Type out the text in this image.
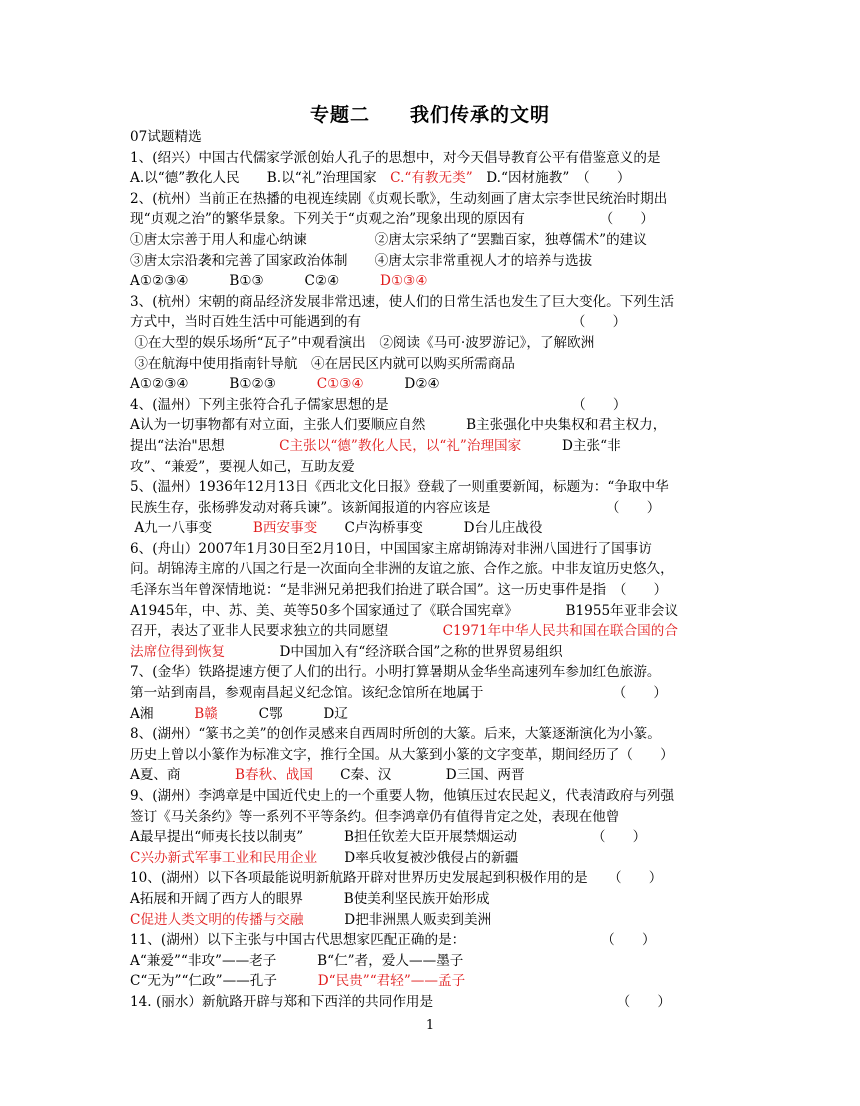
专题二　　我们传承的文明
07试题精选
1、(绍兴）中国古代儒家学派创始人孔子的思想中，对今天倡导教育公平有借鉴意义的是
A.以“德”教化人民　　B.以“礼”治理国家　C.“有教无类”　D.“因材施教”　（　　）
2、(杭州）当前正在热播的电视连续剧《贞观长歌》，生动刻画了唐太宗李世民统治时期出
现“贞观之治”的繁华景象。下列关于“贞观之治”现象出现的原因有　　　　　　（　　）
①唐太宗善于用人和虚心纳谏　　　　　②唐太宗采纳了“罢黜百家，独尊儒术”的建议
③唐太宗沿袭和完善了国家政治体制　　④唐太宗非常重视人才的培养与选拔
A①②③④　　　B①③　　　C②④　　　D①③④
3、(杭州）宋朝的商品经济发展非常迅速，使人们的日常生活也发生了巨大变化。下列生活
方式中，当时百姓生活中可能遇到的有　　　　　　　　　　　　　　　　（　　）
①在大型的娱乐场所“瓦子”中观看演出　②阅读《马可·波罗游记》，了解欧洲
③在航海中使用指南针导航　④在居民区内就可以购买所需商品
A①②③④　　　B①②③　　　C①③④　　　D②④
4、(温州）下列主张符合孔子儒家思想的是　　　　　　　　　　　　　　（　　）
A认为一切事物都有对立面，主张人们要顺应自然　　　B主张强化中央集权和君主权力，
提出“法治"思想　　　　C主张以“德”教化人民，以“礼”治理国家　　　D主张“非
攻”、“兼爱”，要视人如己，互助友爱
5、(温州）1936年12月13日《西北文化日报》登载了一则重要新闻，标题为：“争取中华
民族生存，张杨骅发动对蒋兵谏”。该新闻报道的内容应该是　　　　　　　　　（　　）
A九一八事变　　　B西安事变　　C卢沟桥事变　　　D台儿庄战役
6、(舟山）2007年1月30日至2月10日，中国国家主席胡锦涛对非洲八国进行了国事访
问。胡锦涛主席的八国之行是一次面向全非洲的友谊之旅、合作之旅。中非友谊历史悠久，
毛泽东当年曾深情地说：“是非洲兄弟把我们抬进了联合国”。这一历史事件是指　（　　）
A1945年，中、苏、美、英等50多个国家通过了《联合国宪章》　　　　B1955年亚非会议
召开，表达了亚非人民要求独立的共同愿望　　　　C1971年中华人民共和国在联合国的合
法席位得到恢复　　　　D中国加入有“经济联合国”之称的世界贸易组织
7、(金华）铁路提速方便了人们的出行。小明打算暑期从金华坐高速列车参加红色旅游。
第一站到南昌，参观南昌起义纪念馆。该纪念馆所在地属于　　　　　　　　　　（　　）
A湘　　　B赣　　　C鄂　　　D辽
8、(湖州）“篆书之美”的创作灵感来自西周时所创的大篆。后来，大篆逐渐演化为小篆。
历史上曾以小篆作为标准文字，推行全国。从大篆到小篆的文字变革，期间经历了（　　）
A夏、商　　　　B春秋、战国　　C秦、汉　　　　D三国、两晋
9、(湖州）李鸿章是中国近代史上的一个重要人物，他镇压过农民起义，代表清政府与列强
签订《马关条约》等一系列不平等条约。但李鸿章仍有值得肯定之处，表现在他曾
A最早提出“师夷长技以制夷”　　　B担任钦差大臣开展禁烟运动　　　　　　（　　）
C兴办新式军事工业和民用企业　　D率兵收复被沙俄侵占的新疆
10、(湖州）以下各项最能说明新航路开辟对世界历史发展起到积极作用的是　　（　　）
A拓展和开阔了西方人的眼界　　　B使美利坚民族开始形成
C促进人类文明的传播与交融　　　D把非洲黑人贩卖到美洲
11、(湖州）以下主张与中国古代思想家匹配正确的是：　　　　　　　　　　　（　　）
A“兼爱”“非攻”——老子　　　B“仁”者，爱人——墨子
C“无为”“仁政”——孔子　　　D“民贵”“君轻”——孟子
14. (丽水）新航路开辟与郑和下西洋的共同作用是　　　　　　　　　　　　　　（　　）
1
